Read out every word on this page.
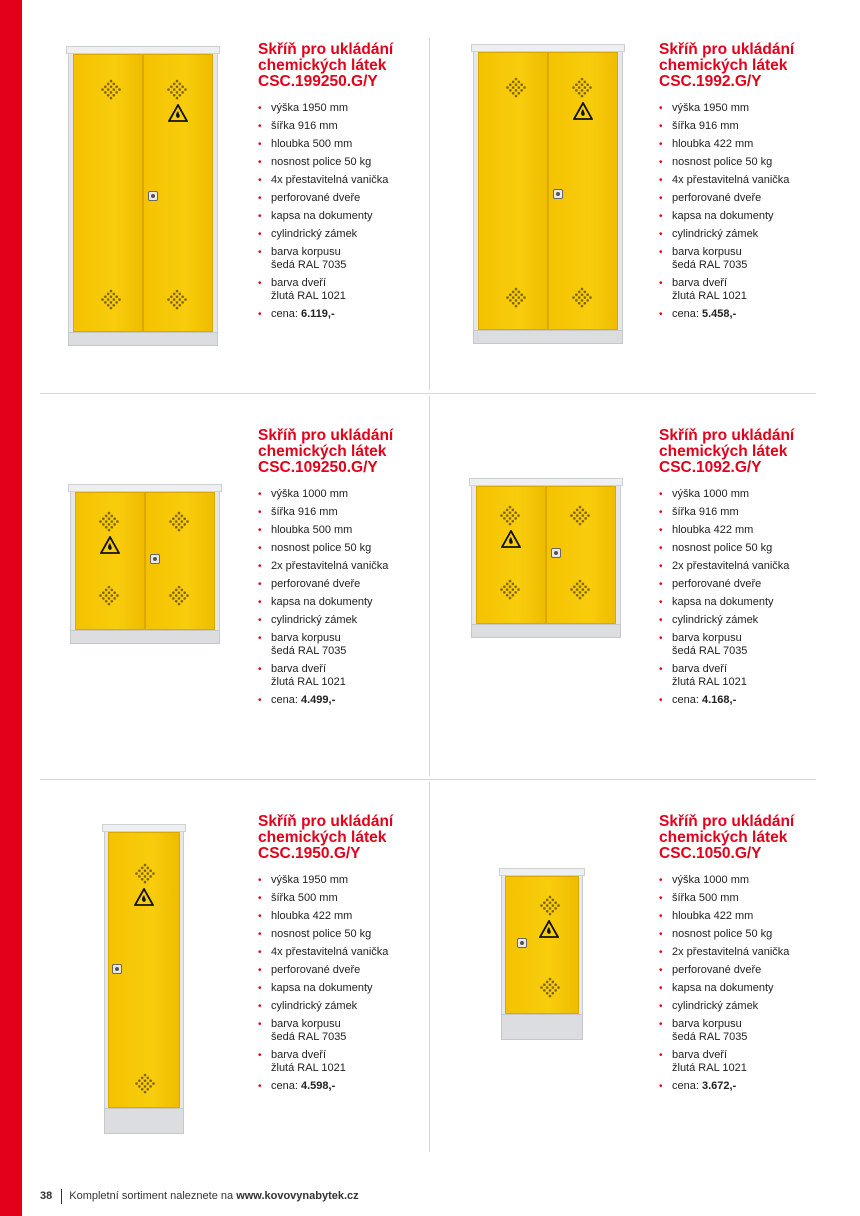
Skříň pro ukládání
chemických látek
CSC.199250.G/Y
• výška 1950 mm
• šířka 916 mm
• hloubka 500 mm
• nosnost police 50 kg
• 4x přestavitelná vanička
• perforované dveře
• kapsa na dokumenty
• cylindrický zámek
• barva korpusu
šedá RAL 7035
• barva dveří
žlutá RAL 1021
• cena: 6.119,-
Skříň pro ukládání
chemických látek
CSC.1992.G/Y
• výška 1950 mm
• šířka 916 mm
• hloubka 422 mm
• nosnost police 50 kg
• 4x přestavitelná vanička
• perforované dveře
• kapsa na dokumenty
• cylindrický zámek
• barva korpusu
šedá RAL 7035
• barva dveří
žlutá RAL 1021
• cena: 5.458,-
Skříň pro ukládání
chemických látek
CSC.109250.G/Y
• výška 1000 mm
• šířka 916 mm
• hloubka 500 mm
• nosnost police 50 kg
• 2x přestavitelná vanička
• perforované dveře
• kapsa na dokumenty
• cylindrický zámek
• barva korpusu
šedá RAL 7035
• barva dveří
žlutá RAL 1021
• cena: 4.499,-
Skříň pro ukládání
chemických látek
CSC.1092.G/Y
• výška 1000 mm
• šířka 916 mm
• hloubka 422 mm
• nosnost police 50 kg
• 2x přestavitelná vanička
• perforované dveře
• kapsa na dokumenty
• cylindrický zámek
• barva korpusu
šedá RAL 7035
• barva dveří
žlutá RAL 1021
• cena: 4.168,-
Skříň pro ukládání
chemických látek
CSC.1950.G/Y
• výška 1950 mm
• šířka 500 mm
• hloubka 422 mm
• nosnost police 50 kg
• 4x přestavitelná vanička
• perforované dveře
• kapsa na dokumenty
• cylindrický zámek
• barva korpusu
šedá RAL 7035
• barva dveří
žlutá RAL 1021
• cena: 4.598,-
Skříň pro ukládání
chemických látek
CSC.1050.G/Y
• výška 1000 mm
• šířka 500 mm
• hloubka 422 mm
• nosnost police 50 kg
• 2x přestavitelná vanička
• perforované dveře
• kapsa na dokumenty
• cylindrický zámek
• barva korpusu
šedá RAL 7035
• barva dveří
žlutá RAL 1021
• cena: 3.672,-
38 Kompletní sortiment naleznete na www.kovovynabytek.cz
